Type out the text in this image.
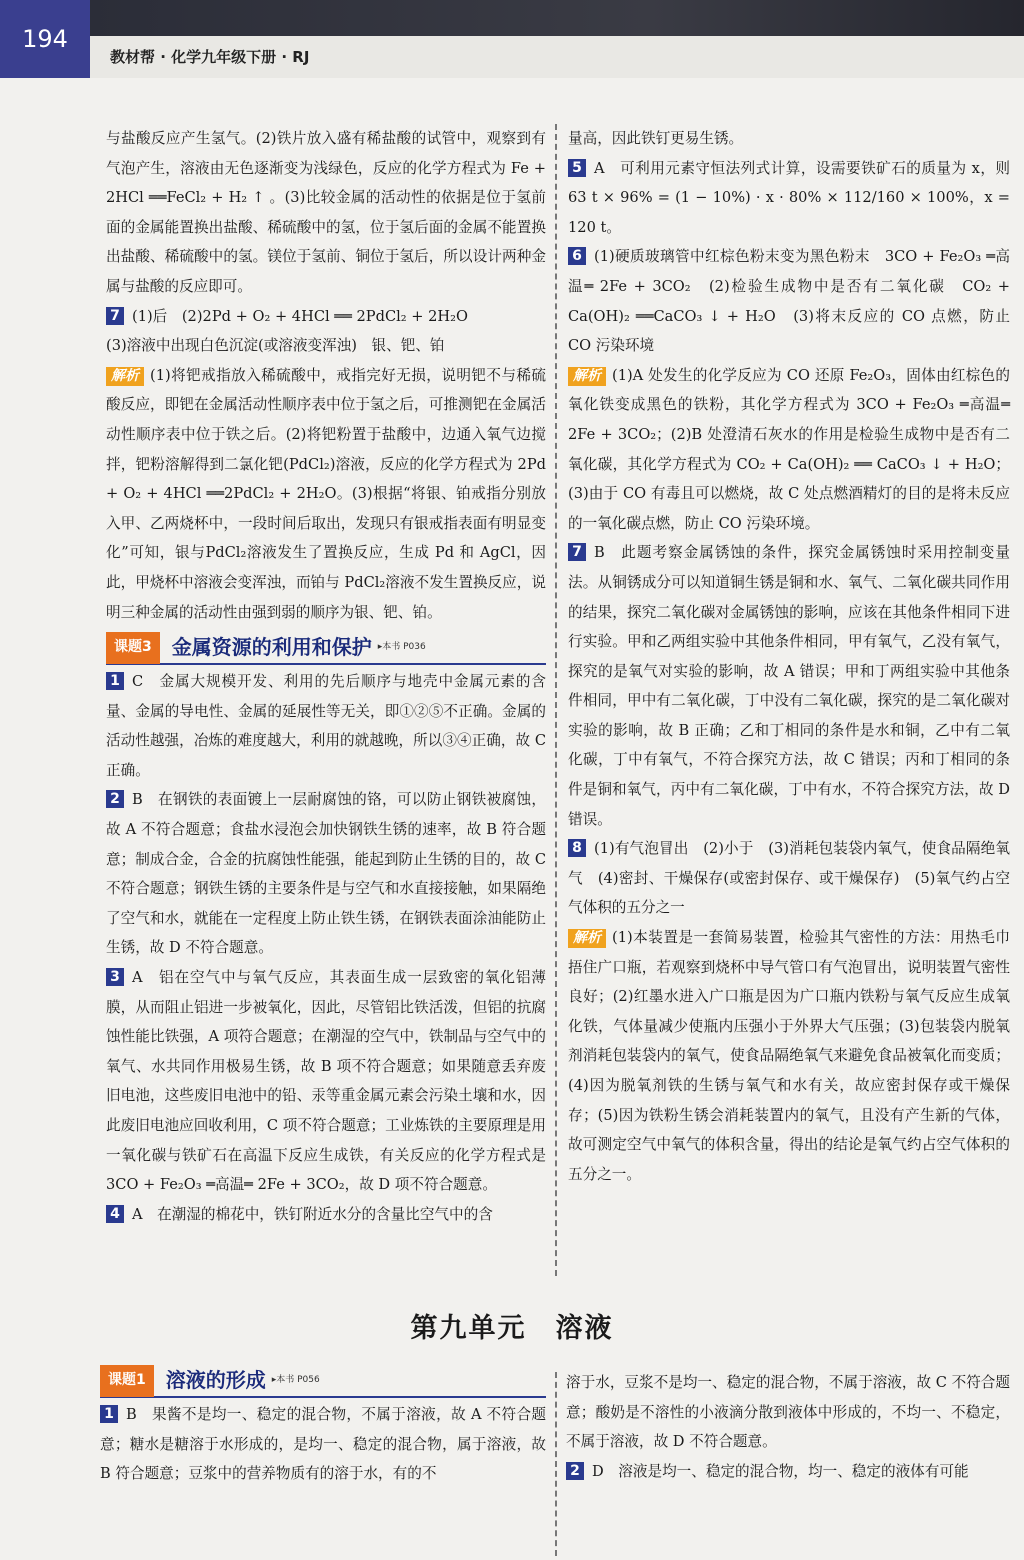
194
教材帮 · 化学九年级下册 · RJ

与盐酸反应产生氢气。(2)铁片放入盛有稀盐酸的试管中，观察到有气泡产生，溶液由无色逐渐变为浅绿色，反应的化学方程式为 Fe + 2HCl ══FeCl₂ + H₂ ↑ 。(3)比较金属的活动性的依据是位于氢前面的金属能置换出盐酸、稀硫酸中的氢，位于氢后面的金属不能置换出盐酸、稀硫酸中的氢。镁位于氢前、铜位于氢后，所以设计两种金属与盐酸的反应即可。

7 (1)后　(2)2Pd + O₂ + 4HCl ══ 2PdCl₂ + 2H₂O

(3)溶液中出现白色沉淀(或溶液变浑浊)　银、钯、铂

解析 (1)将钯戒指放入稀硫酸中，戒指完好无损，说明钯不与稀硫酸反应，即钯在金属活动性顺序表中位于氢之后，可推测钯在金属活动性顺序表中位于铁之后。(2)将钯粉置于盐酸中，边通入氧气边搅拌，钯粉溶解得到二氯化钯(PdCl₂)溶液，反应的化学方程式为 2Pd + O₂ + 4HCl ══2PdCl₂ + 2H₂O。(3)根据“将银、铂戒指分别放入甲、乙两烧杯中，一段时间后取出，发现只有银戒指表面有明显变化”可知，银与PdCl₂溶液发生了置换反应，生成 Pd 和 AgCl，因此，甲烧杯中溶液会变浑浊，而铂与 PdCl₂溶液不发生置换反应，说明三种金属的活动性由强到弱的顺序为银、钯、铂。

课题3	金属资源的利用和保护 ▸本书 P036

1 C　金属大规模开发、利用的先后顺序与地壳中金属元素的含量、金属的导电性、金属的延展性等无关，即①②⑤不正确。金属的活动性越强，冶炼的难度越大，利用的就越晚，所以③④正确，故 C 正确。

2 B　在钢铁的表面镀上一层耐腐蚀的铬，可以防止钢铁被腐蚀，故 A 不符合题意；食盐水浸泡会加快钢铁生锈的速率，故 B 符合题意；制成合金，合金的抗腐蚀性能强，能起到防止生锈的目的，故 C 不符合题意；钢铁生锈的主要条件是与空气和水直接接触，如果隔绝了空气和水，就能在一定程度上防止铁生锈，在钢铁表面涂油能防止生锈，故 D 不符合题意。

3 A　铝在空气中与氧气反应，其表面生成一层致密的氧化铝薄膜，从而阻止铝进一步被氧化，因此，尽管铝比铁活泼，但铝的抗腐蚀性能比铁强，A 项符合题意；在潮湿的空气中，铁制品与空气中的氧气、水共同作用极易生锈，故 B 项不符合题意；如果随意丢弃废旧电池，这些废旧电池中的铅、汞等重金属元素会污染土壤和水，因此废旧电池应回收利用，C 项不符合题意；工业炼铁的主要原理是用一氧化碳与铁矿石在高温下反应生成铁，有关反应的化学方程式是 3CO + Fe₂O₃ ═高温═ 2Fe + 3CO₂，故 D 项不符合题意。

4 A　在潮湿的棉花中，铁钉附近水分的含量比空气中的含

量高，因此铁钉更易生锈。

5 A　可利用元素守恒法列式计算，设需要铁矿石的质量为 x，则 63 t × 96% = (1 − 10%) · x · 80% × 112/160 × 100%，x = 120 t。

6 (1)硬质玻璃管中红棕色粉末变为黑色粉末　3CO + Fe₂O₃ ═高温═ 2Fe + 3CO₂　(2)检验生成物中是否有二氧化碳　CO₂ + Ca(OH)₂ ══CaCO₃ ↓ + H₂O　(3)将末反应的 CO 点燃，防止 CO 污染环境

解析 (1)A 处发生的化学反应为 CO 还原 Fe₂O₃，固体由红棕色的氧化铁变成黑色的铁粉，其化学方程式为 3CO + Fe₂O₃ ═高温═ 2Fe + 3CO₂；(2)B 处澄清石灰水的作用是检验生成物中是否有二氧化碳，其化学方程式为 CO₂ + Ca(OH)₂ ══ CaCO₃ ↓ + H₂O；(3)由于 CO 有毒且可以燃烧，故 C 处点燃酒精灯的目的是将未反应的一氧化碳点燃，防止 CO 污染环境。

7 B　此题考察金属锈蚀的条件，探究金属锈蚀时采用控制变量法。从铜锈成分可以知道铜生锈是铜和水、氧气、二氧化碳共同作用的结果，探究二氧化碳对金属锈蚀的影响，应该在其他条件相同下进行实验。甲和乙两组实验中其他条件相同，甲有氧气，乙没有氧气，探究的是氧气对实验的影响，故 A 错误；甲和丁两组实验中其他条件相同，甲中有二氧化碳，丁中没有二氧化碳，探究的是二氧化碳对实验的影响，故 B 正确；乙和丁相同的条件是水和铜，乙中有二氧化碳，丁中有氧气，不符合探究方法，故 C 错误；丙和丁相同的条件是铜和氧气，丙中有二氧化碳，丁中有水，不符合探究方法，故 D 错误。

8 (1)有气泡冒出　(2)小于　(3)消耗包装袋内氧气，使食品隔绝氧气　(4)密封、干燥保存(或密封保存、或干燥保存)　(5)氧气约占空气体积的五分之一

解析 (1)本装置是一套简易装置，检验其气密性的方法：用热毛巾捂住广口瓶，若观察到烧杯中导气管口有气泡冒出，说明装置气密性良好；(2)红墨水进入广口瓶是因为广口瓶内铁粉与氧气反应生成氧化铁，气体量减少使瓶内压强小于外界大气压强；(3)包装袋内脱氧剂消耗包装袋内的氧气，使食品隔绝氧气来避免食品被氧化而变质；(4)因为脱氧剂铁的生锈与氧气和水有关，故应密封保存或干燥保存；(5)因为铁粉生锈会消耗装置内的氧气，且没有产生新的气体，故可测定空气中氧气的体积含量，得出的结论是氧气约占空气体积的五分之一。

第九单元　溶液
课题1	溶液的形成 ▸本书 P056

1 B　果酱不是均一、稳定的混合物，不属于溶液，故 A 不符合题意；糖水是糖溶于水形成的，是均一、稳定的混合物，属于溶液，故 B 符合题意；豆浆中的营养物质有的溶于水，有的不

溶于水，豆浆不是均一、稳定的混合物，不属于溶液，故 C 不符合题意；酸奶是不溶性的小液滴分散到液体中形成的，不均一、不稳定，不属于溶液，故 D 不符合题意。

2 D　溶液是均一、稳定的混合物，均一、稳定的液体有可能
